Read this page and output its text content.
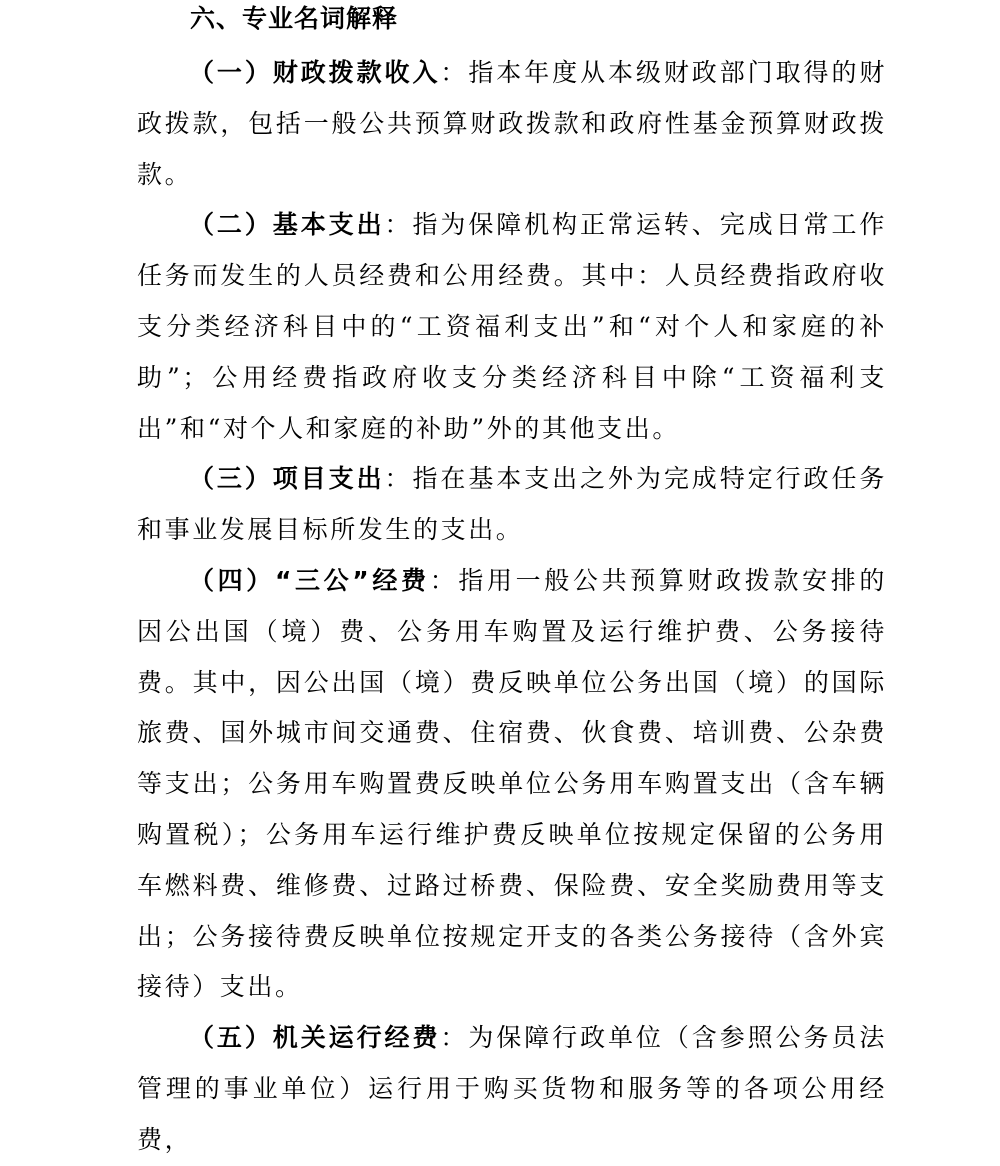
六、专业名词解释

（一）财政拨款收入：指本年度从本级财政部门取得的财政拨款，包括一般公共预算财政拨款和政府性基金预算财政拨款。

（二）基本支出：指为保障机构正常运转、完成日常工作任务而发生的人员经费和公用经费。其中：人员经费指政府收支分类经济科目中的“工资福利支出”和“对个人和家庭的补助”；公用经费指政府收支分类经济科目中除“工资福利支出”和“对个人和家庭的补助”外的其他支出。

（三）项目支出：指在基本支出之外为完成特定行政任务和事业发展目标所发生的支出。

（四）“三公”经费：指用一般公共预算财政拨款安排的因公出国（境）费、公务用车购置及运行维护费、公务接待费。其中，因公出国（境）费反映单位公务出国（境）的国际旅费、国外城市间交通费、住宿费、伙食费、培训费、公杂费等支出；公务用车购置费反映单位公务用车购置支出（含车辆购置税）；公务用车运行维护费反映单位按规定保留的公务用车燃料费、维修费、过路过桥费、保险费、安全奖励费用等支出；公务接待费反映单位按规定开支的各类公务接待（含外宾接待）支出。

（五）机关运行经费：为保障行政单位（含参照公务员法管理的事业单位）运行用于购买货物和服务等的各项公用经费，
